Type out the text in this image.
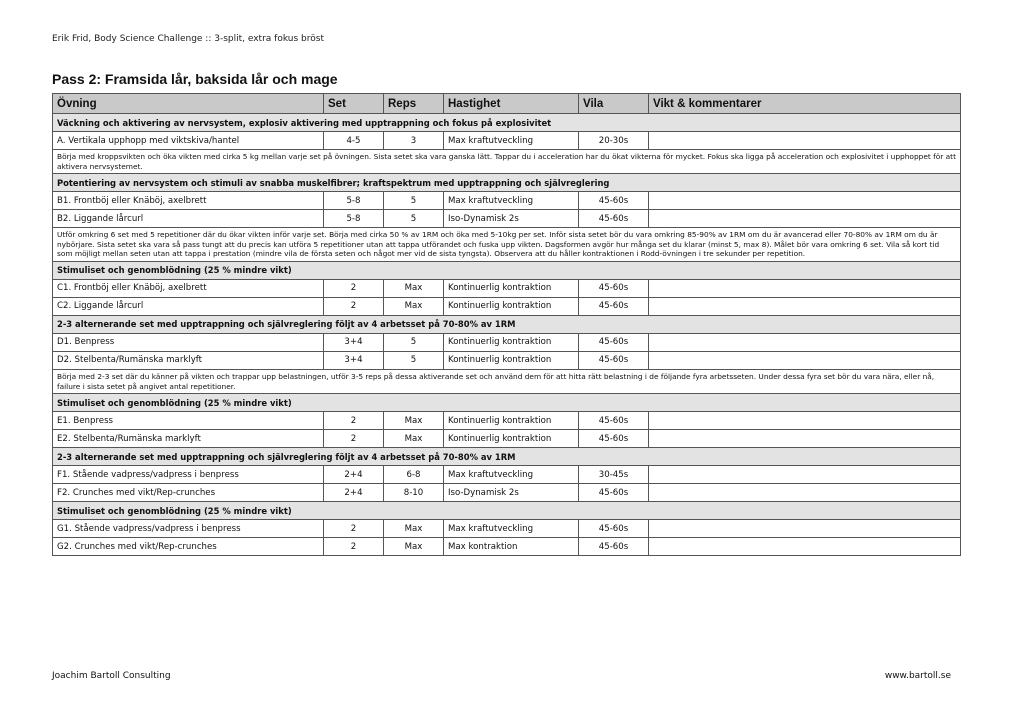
Erik Frid, Body Science Challenge :: 3-split, extra fokus bröst
Pass 2: Framsida lår, baksida lår och mage
Övning	Set	Reps	Hastighet	Vila	Vikt & kommentarer
Väckning och aktivering av nervsystem, explosiv aktivering med upptrappning och fokus på explosivitet					
A. Vertikala upphopp med viktskiva/hantel	4-5	3	Max kraftutveckling	20-30s	
Börja med kroppsvikten och öka vikten med cirka 5 kg mellan varje set på övningen. Sista setet ska vara ganska lätt. Tappar du i acceleration har du ökat vikterna för mycket. Fokus ska ligga på acceleration och explosivitet i upphoppet för att aktivera nervsystemet.					
Potentiering av nervsystem och stimuli av snabba muskelfibrer; kraftspektrum med upptrappning och självreglering					
B1. Frontböj eller Knäböj, axelbrett	5-8	5	Max kraftutveckling	45-60s	
B2. Liggande lårcurl	5-8	5	Iso-Dynamisk 2s	45-60s	
Utför omkring 6 set med 5 repetitioner där du ökar vikten inför varje set. Börja med cirka 50 % av 1RM och öka med 5-10kg per set. Inför sista setet bör du vara omkring 85-90% av 1RM om du är avancerad eller 70-80% av 1RM om du är nybörjare. Sista setet ska vara så pass tungt att du precis kan utföra 5 repetitioner utan att tappa utförandet och fuska upp vikten. Dagsformen avgör hur många set du klarar (minst 5, max 8). Målet bör vara omkring 6 set. Vila så kort tid som möjligt mellan seten utan att tappa i prestation (mindre vila de första seten och något mer vid de sista tyngsta). Observera att du håller kontraktionen i Rodd-övningen i tre sekunder per repetition.					
Stimuliset och genomblödning (25 % mindre vikt)					
C1. Frontböj eller Knäböj, axelbrett	2	Max	Kontinuerlig kontraktion	45-60s	
C2. Liggande lårcurl	2	Max	Kontinuerlig kontraktion	45-60s	
2-3 alternerande set med upptrappning och självreglering följt av 4 arbetsset på 70-80% av 1RM					
D1. Benpress	3+4	5	Kontinuerlig kontraktion	45-60s	
D2. Stelbenta/Rumänska marklyft	3+4	5	Kontinuerlig kontraktion	45-60s	
Börja med 2-3 set där du känner på vikten och trappar upp belastningen, utför 3-5 reps på dessa aktiverande set och använd dem för att hitta rätt belastning i de följande fyra arbetsseten. Under dessa fyra set bör du vara nära, eller nå, failure i sista setet på angivet antal repetitioner.					
Stimuliset och genomblödning (25 % mindre vikt)					
E1. Benpress	2	Max	Kontinuerlig kontraktion	45-60s	
E2. Stelbenta/Rumänska marklyft	2	Max	Kontinuerlig kontraktion	45-60s	
2-3 alternerande set med upptrappning och självreglering följt av 4 arbetsset på 70-80% av 1RM					
F1. Stående vadpress/vadpress i benpress	2+4	6-8	Max kraftutveckling	30-45s	
F2. Crunches med vikt/Rep-crunches	2+4	8-10	Iso-Dynamisk 2s	45-60s	
Stimuliset och genomblödning (25 % mindre vikt)					
G1. Stående vadpress/vadpress i benpress	2	Max	Max kraftutveckling	45-60s	
G2. Crunches med vikt/Rep-crunches	2	Max	Max kontraktion	45-60s	
Joachim Bartoll Consulting	www.bartoll.se
